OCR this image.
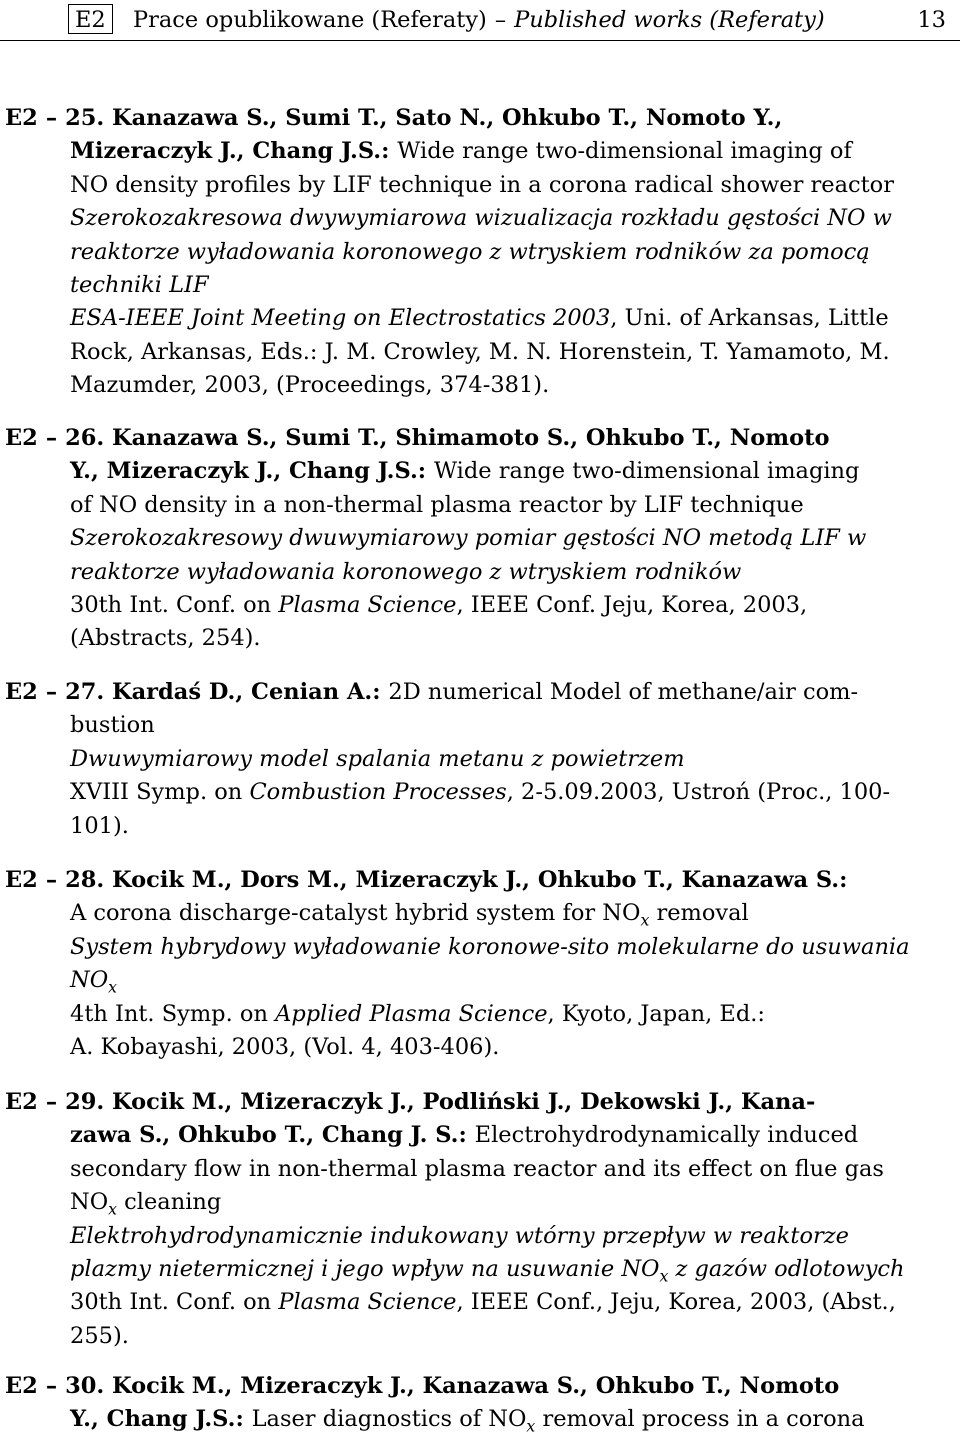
E2	Prace opublikowane (Referaty) – Published works (Referaty)	13
E2 – 25. Kanazawa S., Sumi T., Sato N., Ohkubo T., Nomoto Y.,
Mizeraczyk J., Chang J.S.: Wide range two-dimensional imaging of
NO density profiles by LIF technique in a corona radical shower reactor
Szerokozakresowa dwywymiarowa wizualizacja rozkładu gęstości NO w
reaktorze wyładowania koronowego z wtryskiem rodników za pomocą
techniki LIF
ESA-IEEE Joint Meeting on Electrostatics 2003, Uni. of Arkansas, Little
Rock, Arkansas, Eds.: J. M. Crowley, M. N. Horenstein, T. Yamamoto, M.
Mazumder, 2003, (Proceedings, 374-381).
E2 – 26. Kanazawa S., Sumi T., Shimamoto S., Ohkubo T., Nomoto
Y., Mizeraczyk J., Chang J.S.: Wide range two-dimensional imaging
of NO density in a non-thermal plasma reactor by LIF technique
Szerokozakresowy dwuwymiarowy pomiar gęstości NO metodą LIF w
reaktorze wyładowania koronowego z wtryskiem rodników
30th Int. Conf. on Plasma Science, IEEE Conf. Jeju, Korea, 2003,
(Abstracts, 254).
E2 – 27. Kardaś D., Cenian A.: 2D numerical Model of methane/air com-
bustion
Dwuwymiarowy model spalania metanu z powietrzem
XVIII Symp. on Combustion Processes, 2-5.09.2003, Ustroń (Proc., 100-
101).
E2 – 28. Kocik M., Dors M., Mizeraczyk J., Ohkubo T., Kanazawa S.:
A corona discharge-catalyst hybrid system for $NO_x$ removal
System hybrydowy wyładowanie koronowe-sito molekularne do usuwania
$NO_x$
4th Int. Symp. on Applied Plasma Science, Kyoto, Japan, Ed.:
A. Kobayashi, 2003, (Vol. 4, 403-406).
E2 – 29. Kocik M., Mizeraczyk J., Podliński J., Dekowski J., Kana-
zawa S., Ohkubo T., Chang J. S.: Electrohydrodynamically induced
secondary flow in non-thermal plasma reactor and its effect on flue gas
$NO_x$ cleaning
Elektrohydrodynamicznie indukowany wtórny przepływ w reaktorze
plazmy nietermicznej i jego wpływ na usuwanie $NO_x$ z gazów odlotowych
30th Int. Conf. on Plasma Science, IEEE Conf., Jeju, Korea, 2003, (Abst.,
255).
E2 – 30. Kocik M., Mizeraczyk J., Kanazawa S., Ohkubo T., Nomoto
Y., Chang J.S.: Laser diagnostics of $NO_x$ removal process in a corona
